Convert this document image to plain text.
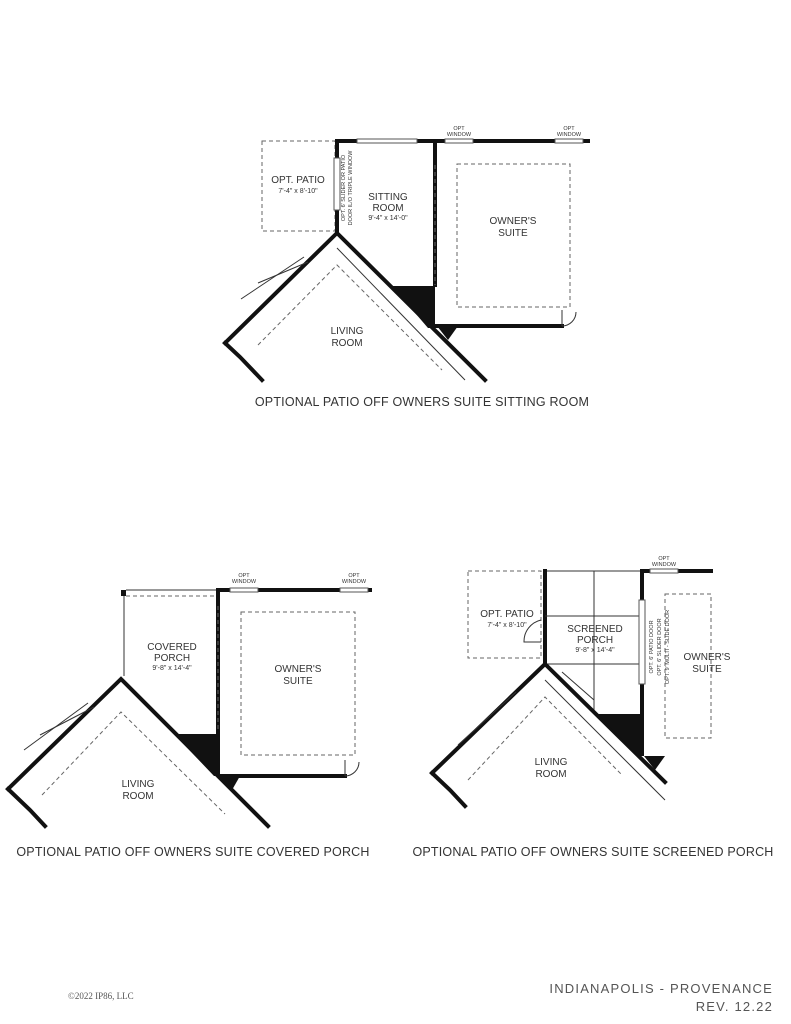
OPT. PATIO
7'-4" x 8'-10"
SITTING
ROOM
9'-4" x 14'-0"	OWNER'S
SUITE
LIVING
ROOM
OPT. 6' SLIDER OR PATIO DOOR IL/O TRIPLE WINDOW
OPT
WINDOW
OPT
WINDOW
OPTIONAL PATIO OFF OWNERS SUITE SITTING ROOM
COVERED
PORCH
9'-8" x 14'-4"	OWNER'S
SUITE
LIVING
ROOM
OPT
WINDOW
OPT
WINDOW
OPTIONAL PATIO OFF OWNERS SUITE COVERED PORCH
OPT. PATIO
7'-4" x 8'-10"	SCREENED
PORCH
9'-8" x 14'-4"
OWNER'S
SUITE
LIVING
ROOM
OPT. 6' PATIO DOOR OPT. 6' SLIDER DOOR OPT. 9' MULTI - SLIDE DOOR
OPT
WINDOW
OPTIONAL PATIO OFF OWNERS SUITE SCREENED PORCH
©2022 IP86, LLC	INDIANAPOLIS - PROVENANCE
REV. 12.22
